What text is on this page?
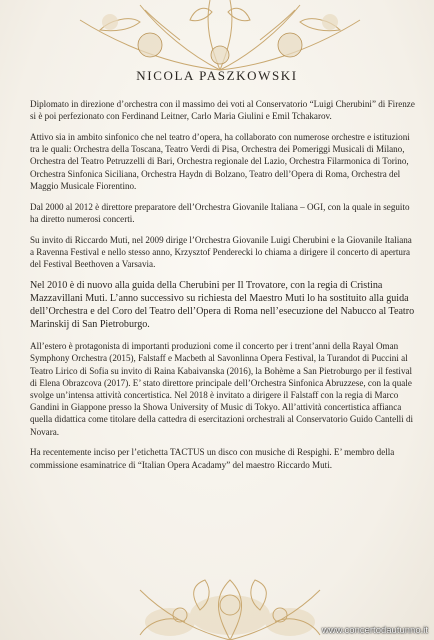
NICOLA PASZKOWSKI

Diplomato in direzione d’orchestra con il massimo dei voti al Conservatorio “Luigi Cherubini” di Firenze si è poi perfezionato con Ferdinand Leitner, Carlo Maria Giulini e Emil Tchakarov.

Attivo sia in ambito sinfonico che nel teatro d’opera, ha collaborato con numerose orchestre e istituzioni tra le quali: Orchestra della Toscana, Teatro Verdi di Pisa, Orchestra dei Pomeriggi Musicali di Milano, Orchestra del Teatro Petruzzelli di Bari, Orchestra regionale del Lazio, Orchestra Filarmonica di Torino, Orchestra Sinfonica Siciliana, Orchestra Haydn di Bolzano, Teatro dell’Opera di Roma, Orchestra del Maggio Musicale Fiorentino.

Dal 2000 al 2012 è direttore preparatore dell’Orchestra Giovanile Italiana – OGI, con la quale in seguito ha diretto numerosi concerti.

Su invito di Riccardo Muti, nel 2009 dirige l’Orchestra Giovanile Luigi Cherubini e la Giovanile Italiana a Ravenna Festival e nello stesso anno, Krzysztof Penderecki lo chiama a dirigere il concerto di apertura del Festival Beethoven a Varsavia.

Nel 2010 è di nuovo alla guida della Cherubini per Il Trovatore, con la regia di Cristina Mazzavillani Muti. L’anno successivo su richiesta del Maestro Muti lo ha sostituito alla guida dell’Orchestra e del Coro del Teatro dell’Opera di Roma nell’esecuzione del Nabucco al Teatro Marinskij di San Pietroburgo.

All’estero è protagonista di importanti produzioni come il concerto per i trent’anni della Rayal Oman Symphony Orchestra (2015), Falstaff e Macbeth al Savonlinna Opera Festival, la Turandot di Puccini al Teatro Lirico di Sofia su invito di Raina Kabaivanska (2016), la Bohème a San Pietroburgo per il festival di Elena Obrazcova (2017). E’ stato direttore principale dell’Orchestra Sinfonica Abruzzese, con la quale svolge un’intensa attività concertistica. Nel 2018 è invitato a dirigere il Falstaff con la regia di Marco Gandini in Giappone presso la Showa University of Music di Tokyo. All’attività concertistica affianca quella didattica come titolare della cattedra di esercitazioni orchestrali al Conservatorio Guido Cantelli di Novara.

Ha recentemente inciso per l’etichetta TACTUS un disco con musiche di Respighi. E’ membro della commissione esaminatrice di “Italian Opera Acadamy” del maestro Riccardo Muti.

www.concertodautunno.it
